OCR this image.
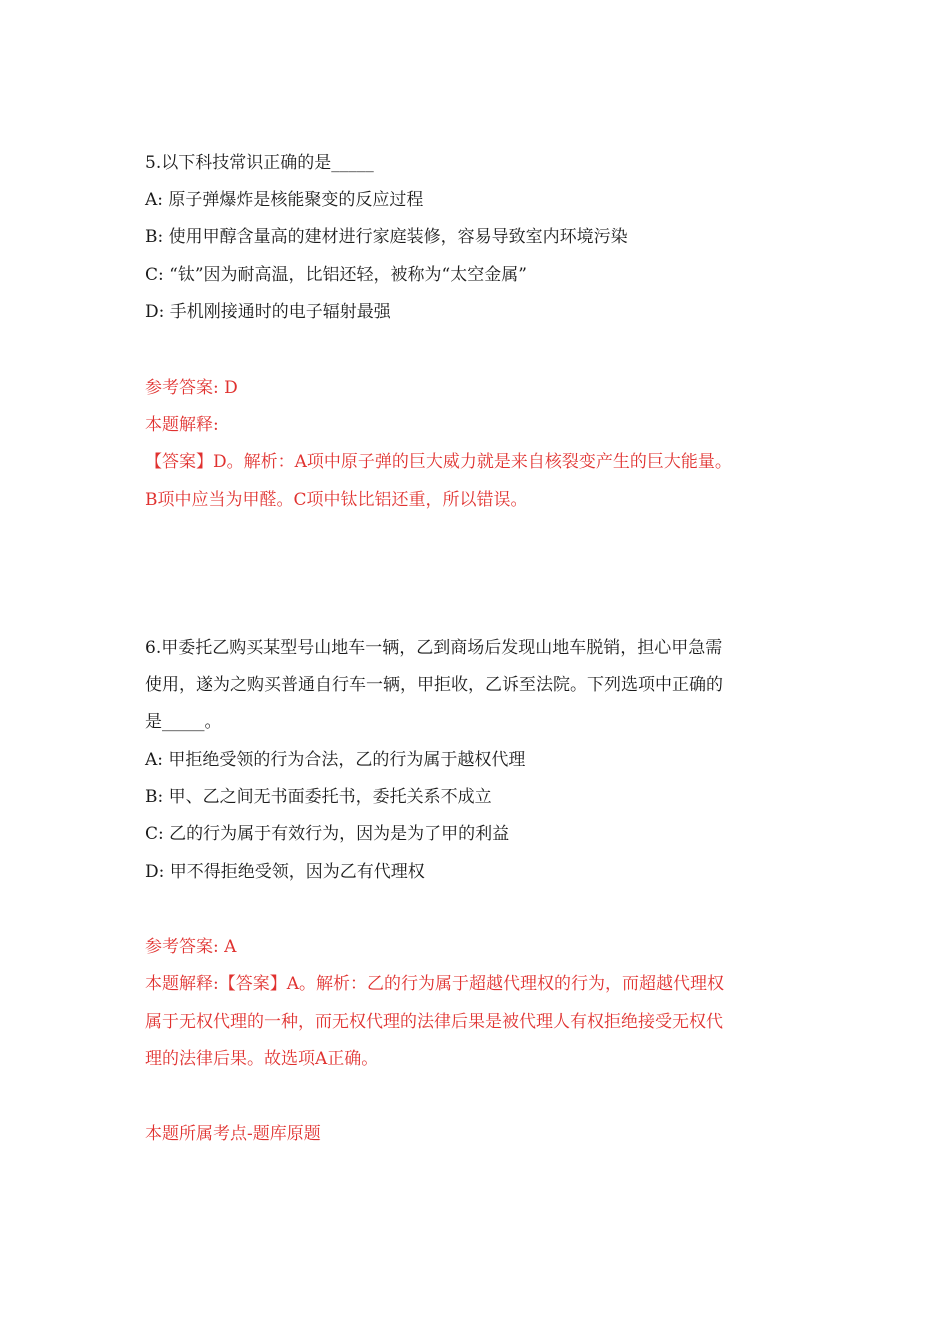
5.以下科技常识正确的是_____
A: 原子弹爆炸是核能聚变的反应过程
B: 使用甲醇含量高的建材进行家庭装修，容易导致室内环境污染
C: “钛”因为耐高温，比铝还轻，被称为“太空金属”
D: 手机刚接通时的电子辐射最强
参考答案: D
本题解释:
【答案】D。解析：A项中原子弹的巨大威力就是来自核裂变产生的巨大能量。
B项中应当为甲醛。C项中钛比铝还重，所以错误。
6.甲委托乙购买某型号山地车一辆，乙到商场后发现山地车脱销，担心甲急需
使用，遂为之购买普通自行车一辆，甲拒收，乙诉至法院。下列选项中正确的
是_____。
A: 甲拒绝受领的行为合法，乙的行为属于越权代理
B: 甲、乙之间无书面委托书，委托关系不成立
C: 乙的行为属于有效行为，因为是为了甲的利益
D: 甲不得拒绝受领，因为乙有代理权
参考答案: A
本题解释:【答案】A。解析：乙的行为属于超越代理权的行为，而超越代理权
属于无权代理的一种，而无权代理的法律后果是被代理人有权拒绝接受无权代
理的法律后果。故选项A正确。
本题所属考点-题库原题
